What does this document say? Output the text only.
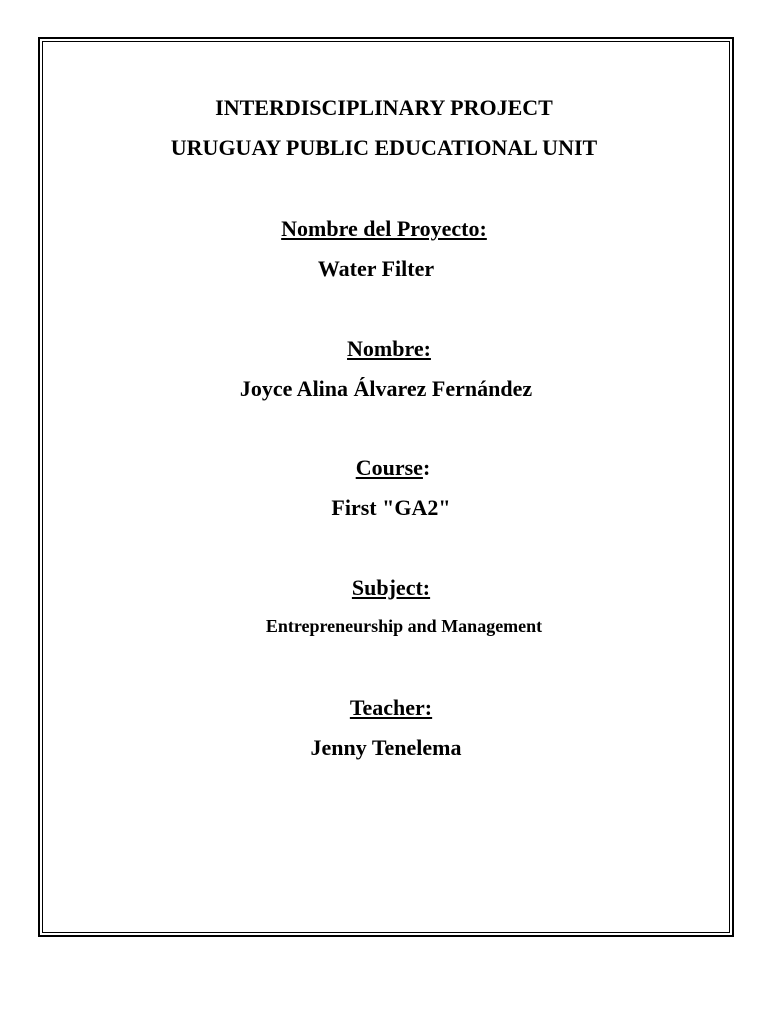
INTERDISCIPLINARY PROJECT
URUGUAY PUBLIC EDUCATIONAL UNIT
Nombre del Proyecto:
Water Filter
Nombre:
Joyce Alina Álvarez Fernández
Course:
First "GA2"
Subject:
Entrepreneurship and Management
Teacher:
Jenny Tenelema
